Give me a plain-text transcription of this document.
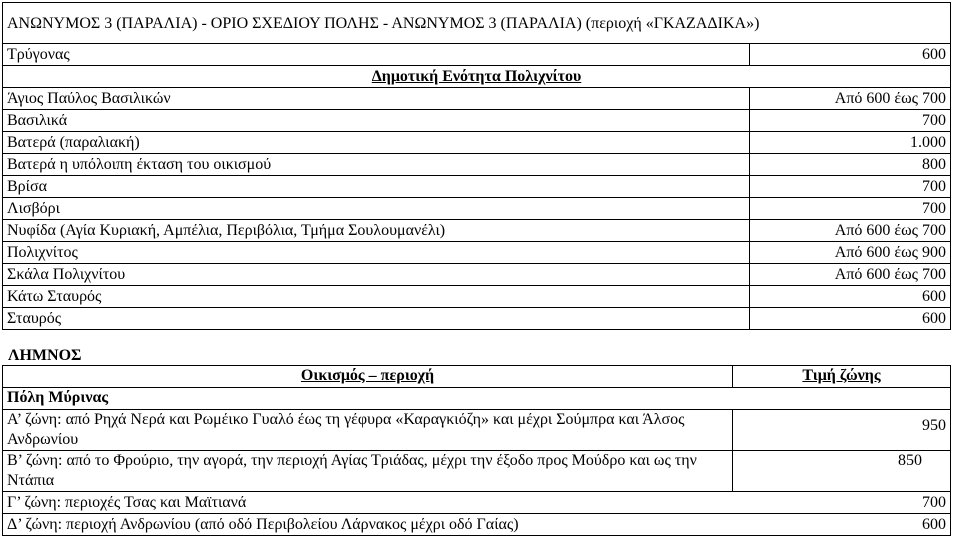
ΑΝΩΝΥΜΟΣ 3 (ΠΑΡΑΛΙΑ) - ΟΡΙΟ ΣΧΕΔΙΟΥ ΠΟΛΗΣ - ΑΝΩΝΥΜΟΣ 3 (ΠΑΡΑΛΙΑ) (περιοχή «ΓΚΑΖΑΔΙΚΑ»)	
Τρύγονας	600
Δημοτική Ενότητα Πολιχνίτου	
Άγιος Παύλος Βασιλικών	Από 600 έως 700
Βασιλικά	700
Βατερά (παραλιακή)	1.000
Βατερά η υπόλοιπη έκταση του οικισμού	800
Βρίσα	700
Λισβόρι	700
Νυφίδα (Αγία Κυριακή, Αμπέλια, Περιβόλια, Τμήμα Σουλουμανέλι)	Από 600 έως 700
Πολιχνίτος	Από 600 έως 900
Σκάλα Πολιχνίτου	Από 600 έως 700
Κάτω Σταυρός	600
Σταυρός	600
ΛΗΜΝΟΣ
Οικισμός – περιοχή	Τιμή ζώνης
Πόλη Μύρινας	
Α’ ζώνη: από Ρηχά Νερά και Ρωμέικο Γυαλό έως τη γέφυρα «Καραγκιόζη» και μέχρι Σούμπρα και Άλσος Ανδρωνίου	950
Β’ ζώνη: από το Φρούριο, την αγορά, την περιοχή Αγίας Τριάδας, μέχρι την έξοδο προς Μούδρο και ως την Ντάπια	850

Γ’ ζώνη: περιοχές Τσας και Μαϊτιανά 700	

Δ’ ζώνη: περιοχή Ανδρωνίου (από οδό Περιβολείου Λάρνακος μέχρι οδό Γαίας) 600	
